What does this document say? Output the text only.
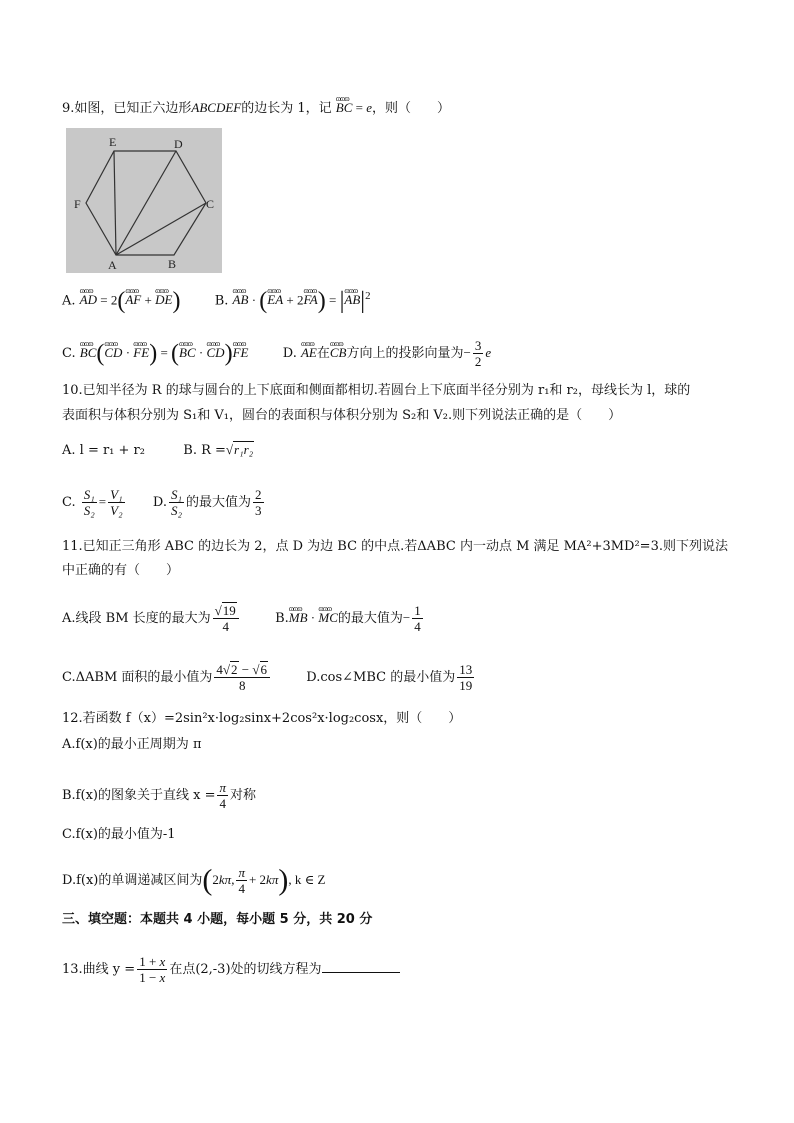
9.如图，已知正六边形ABCDEF的边长为 1，记 ɷɷɷ BC = e，则（　　）
E	D
C
B
A
F
A. ɷɷɷ AD = 2(ɷɷɷ AF + ɷɷɷ DE)	B. ɷɷɷ AB · (ɷɷɷ EA + 2ɷɷɷ FA) = |ɷɷɷ $AB|^2$
C. ɷɷɷ BC(ɷɷɷ CD · ɷɷɷ FE) = (ɷɷɷ BC · ɷɷɷ CD)ɷɷɷ FE	D. ɷɷɷ AE在ɷɷɷ CB方向上的投影向量为− $\frac{3}{2}$ e
10.已知半径为 R 的球与圆台的上下底面和侧面都相切.若圆台上下底面半径分别为 r₁和 r₂，母线长为 l，球的
表面积与体积分别为 S₁和 V₁，圆台的表面积与体积分别为 S₂和 V₂.则下列说法正确的是（　　）
A. l = r₁ + r₂	B. R =√r₁r₂
C. $\frac{\text{S₁}}{\text{S₂}} = \frac{\text{V₁}}{\text{V₂}} D$. $\frac{\text{S₁}}{\text{S₂}}$ 的最大值为 $\frac{2}{3}$
11.已知正三角形 ABC 的边长为 2，点 D 为边 BC 的中点.若ΔABC 内一动点 M 满足 MA²+3MD²=3.则下列说法
中正确的有（　　）
A.线段 BM 长度的最大为 $\frac{√19}{4}$	B.ɷɷɷ MB · ɷɷɷ MC的最大值为− $\frac{1}{4}$
C.ΔABM 面积的最小值为 $\frac{4√2 - √6}{8}$	D.cos∠MBC 的最小值为 $\frac{13}{19}$
12.若函数 f（x）=2sin²x·log₂sinx+2cos²x·log₂cosx，则（　　）
A.f(x)的最小正周期为 π
B.f(x)的图象关于直线 $x = \frac{\pi}{4}$ 对称
C.f(x)的最小值为-1
D.f(x)的单调递减区间为(2kπ, $\frac{\pi}{4} + 2k\pi$), k ∈ Z
三、填空题：本题共 4 小题，每小题 5 分，共 20 分
13.曲线 $y = \frac{1 + x}{1 - x}$ 在点(2,-3)处的切线方程为
